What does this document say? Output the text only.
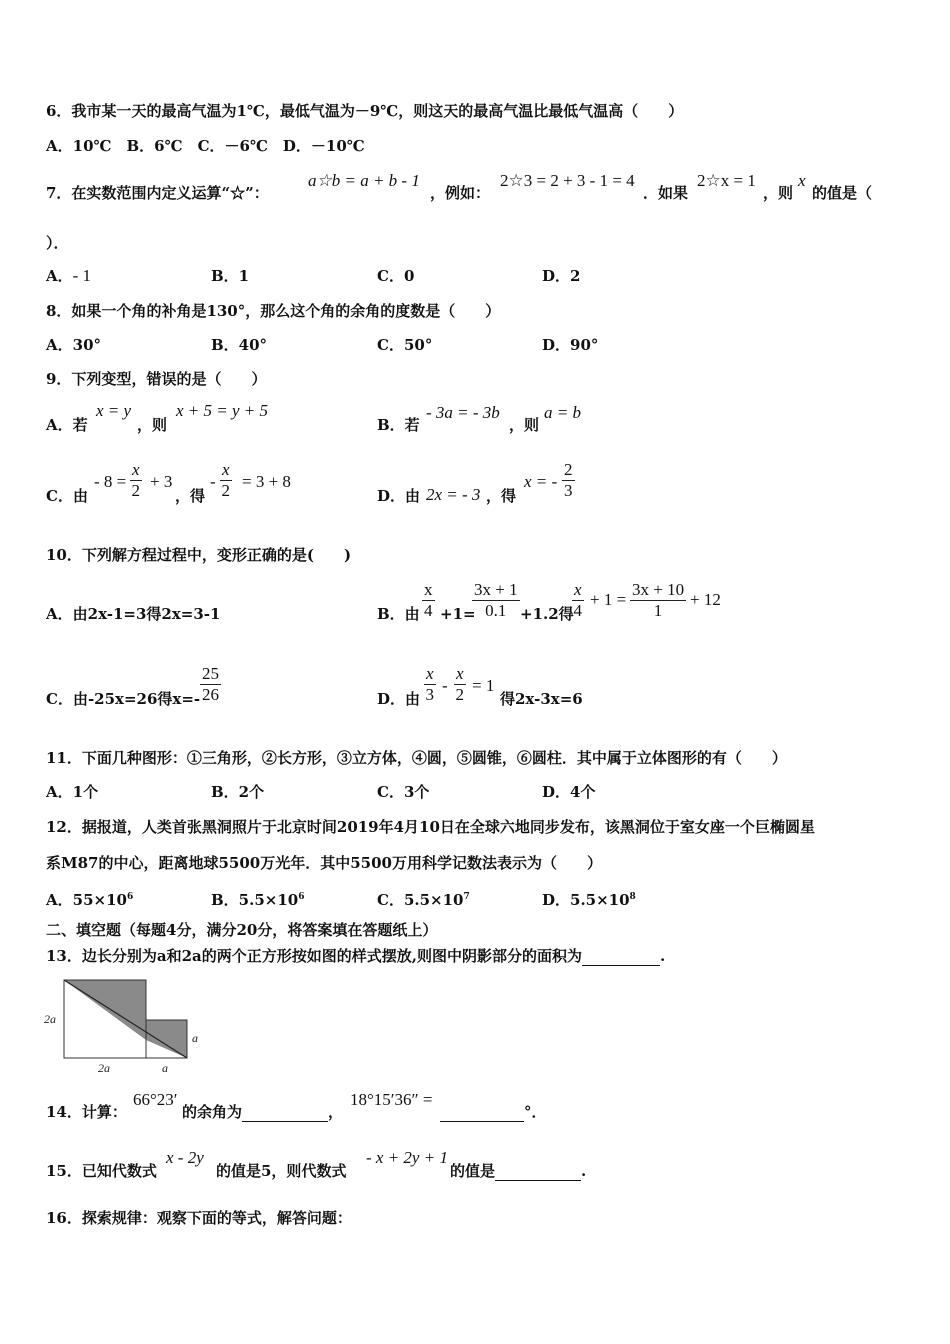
6．我市某一天的最高气温为1℃，最低气温为－9℃，则这天的最高气温比最低气温高（　　）
A．10℃　B．6℃　C．－6℃　D．－10℃
7．在实数范围内定义运算“☆”：
a☆b = a + b - 1
，例如：
2☆3 = 2 + 3 - 1 = 4
．如果
2☆x = 1
，则
x
的值是（
）．
A．- 1	B．1	C．0	D．2
8．如果一个角的补角是130°，那么这个角的余角的度数是（　　）
A．30°	B．40°	C．50°	D．90°
9．下列变型，错误的是（　　）
A．若
x = y
，则
x + 5 = y + 5
B．若
- 3a = - 3b
，则
a = b
C．由
- 8 =
x
2 + 3
，得
-
x
2 = 3 + 8
D．由 2x = - 3 ，得
x = -
2
3
10．下列解方程过程中，变形正确的是(　　)
A．由2x-1=3得2x=3-1	B．由
x
4 +1=
3x + 1
0.1 +1.2得
x
4
+ 1 =
3x + 10
1
+ 12
C．由-25x=26得x=-
25
26	D．由
x
3 -
x
2 = 1
得2x-3x=6
11．下面几种图形：①三角形，②长方形，③立方体，④圆，⑤圆锥，⑥圆柱．其中属于立体图形的有（　　）
A．1个	B．2个	C．3个	D．4个
12．据报道，人类首张黑洞照片于北京时间2019年4月10日在全球六地同步发布，该黑洞位于室女座一个巨椭圆星
系M87的中心，距离地球5500万光年．其中5500万用科学记数法表示为（　　）
A．$55\times 10^6$	B．$5.5\times 10^6$	C．$5.5\times 10^7$	D．$5.5\times 10^8$
二、填空题（每题4分，满分20分，将答案填在答题纸上）
13．边长分别为a和2a的两个正方形按如图的样式摆放,则图中阴影部分的面积为	.
2a
2a	a
a
14．计算：
66°23′
的余角为	，
18°15′36″ =
°．
15．已知代数式
x - 2y
的值是5，则代数式
- x + 2y + 1
的值是	.
16．探索规律：观察下面的等式，解答问题：
